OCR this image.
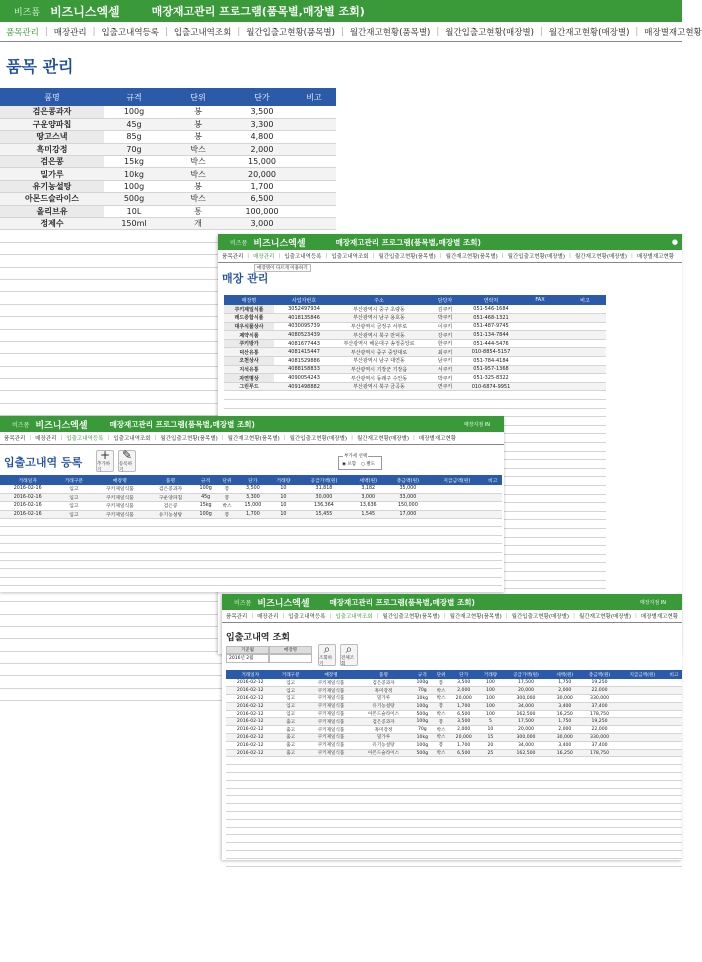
비즈폼 비즈니스엑셀	매장재고관리 프로그램(품목별,매장별 조회)
품목관리 | 매장관리 | 입출고내역등록 | 입출고내역조회 | 월간입출고현황(품목별) | 월간재고현황(품목별) | 월간입출고현황(매장별) | 월간재고현황(매장별) | 매장별재고현황
품목 관리
품명	규격	단위	단가	비고
검은콩과자	100g	봉	3,500	
구운양파칩	45g	봉	3,300	
땅고스낵	85g	봉	4,800	
흑미강정	70g	박스	2,000	
검은콩	15kg	박스	15,000	
밀가루	10kg	박스	20,000	
유기농설탕	100g	봉	1,700	
아몬드슬라이스	500g	박스	6,500	
올리브유	10L	통	100,000	
정제수	150ml	개	3,000	

비즈폼 비즈니스엑셀	매장재고관리 프로그램(품목별,매장별 조회)	●
품목관리 | 매장관리 | 입출고내역등록 | 입출고내역조회 | 월간입출고현황(품목별) | 월간재고현황(품목별) | 월간입출고현황(매장별) | 월간재고현황(매장별) | 매장별재고현황
매장 관리
매장명이 다르게 이용하기
매장명	사업자번호	주소	담당자	연락처	FAX	비고
쿠키제일식품	3052497934	부산광역시 중구 초량동	김쿠키	051-546-1684		
레드증합식품	4018135846	부산광역시 남구 용호동	박쿠키	051-468-1321		
대우식품상사	4030095739	부산광역시 금정구 서부로	이쿠키	051-487-9745		
제약식품	4080523439	부산광역시 북구 만덕동	강쿠키	051-134-7844		
쿠키방가	4081677443	부산광역시 해운대구 송정중앙로	한쿠키	051-444-5476		
덕산유통	4081415447	부산광역시 중구 중앙대로	최쿠키	010-8854-5157		
오천상사	4081529886	부산광역시 남구 대연동	남쿠키	051-784-4184		
지석유통	4088158833	부산광역시 기장군 기장읍	서쿠키	051-957-1368		
자연명상	4090054243	부산광역시 동래구 수안동	박쿠키	051-325-8322		
그린푸드	4091498882	부산광역시 북구 금곡동	면쿠키	010-6874-9951		

비즈폼 비즈니스엑셀	매장재고관리 프로그램(품목별,매장별 조회)	매장지점 IN
품목관리 | 매장관리 | 입출고내역등록 | 입출고내역조회 | 월간입출고현황(품목별) | 월간재고현황(품목별) | 월간입출고현황(매장별) | 월간재고현황(매장별) | 매장별재고현황
입출고내역 등록
+
추가하기
✎
등록하기
부가세 선택
◉ 포함 ○ 별도
거래일자	거래구분	매장명	품명	규격	단위	단가	거래량	공급가액(원)	세액(원)	총금액(원)	지급금액(원)	비고
2016-02-16	입고	쿠키제일식품	검은콩과자	100g	봉	3,500	10	31,818	3,182	35,000		
2016-02-16	입고	쿠키제일식품	구운양파칩	45g	봉	3,300	10	30,000	3,000	33,000		
2016-02-16	입고	쿠키제일식품	검은콩	15kg	박스	15,000	10	136,364	13,636	150,000		
2016-02-16	입고	쿠키제일식품	유기농설탕	100g	봉	1,700	10	15,455	1,545	17,000		

비즈폼 비즈니스엑셀	매장재고관리 프로그램(품목별,매장별 조회)	매장지점 IN
품목관리 | 매장관리 | 입출고내역등록 | 입출고내역조회 | 월간입출고현황(품목별) | 월간재고현황(품목별) | 월간입출고현황(매장별) | 월간재고현황(매장별) | 매장별재고현황
입출고내역 조회
기준월	매장명
2016년 2월
⌕
조회하기
⌕
전체조회
거래일자	거래구분	매장명	품명	규격	단위	단가	거래량	공급가액(원)	세액(원)	총금액(원)	지급금액(원)	비고
2016-02-12	입고	쿠키제일식품	검은콩과자	100g	봉	3,500	100	17,500	1,750	19,250		
2016-02-12	입고	쿠키제일식품	흑미강정	70g	박스	2,000	100	20,000	2,000	22,000		
2016-02-12	입고	쿠키제일식품	밀가루	10kg	박스	20,000	100	300,000	30,000	330,000		
2016-02-12	입고	쿠키제일식품	유기농설탕	100g	봉	1,700	100	34,000	3,400	37,400		
2016-02-12	입고	쿠키제일식품	아몬드슬라이스	500g	박스	6,500	100	162,500	16,250	178,750		
2016-02-12	출고	쿠키제일식품	검은콩과자	100g	봉	3,500	5	17,500	1,750	19,250		
2016-02-12	출고	쿠키제일식품	흑미강정	70g	박스	2,000	10	20,000	2,000	22,000		
2016-02-12	출고	쿠키제일식품	밀가루	10kg	박스	20,000	15	300,000	30,000	330,000		
2016-02-12	출고	쿠키제일식품	유기농설탕	100g	봉	1,700	20	34,000	3,400	37,400		
2016-02-12	출고	쿠키제일식품	아몬드슬라이스	500g	박스	6,500	25	162,500	16,250	178,750		
